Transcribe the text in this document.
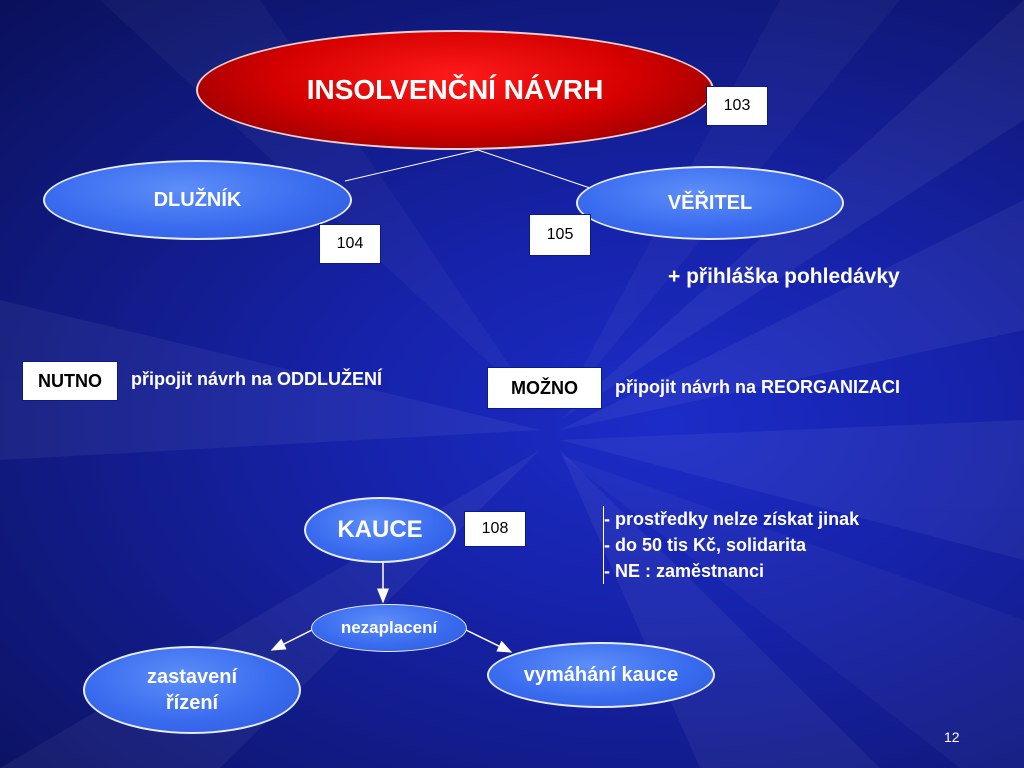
INSOLVENČNÍ NÁVRH
103
DLUŽNÍK
104
VĚŘITEL
105
+ přihláška pohledávky
NUTNO připojit návrh na ODDLUŽENÍ	MOŽNO připojit návrh na REORGANIZACI
KAUCE	108	- prostředky nelze získat jinak
- do 50 tis Kč, solidarita
- NE : zaměstnanci
nezaplacení
zastavení
řízení
vymáhání kauce
12
